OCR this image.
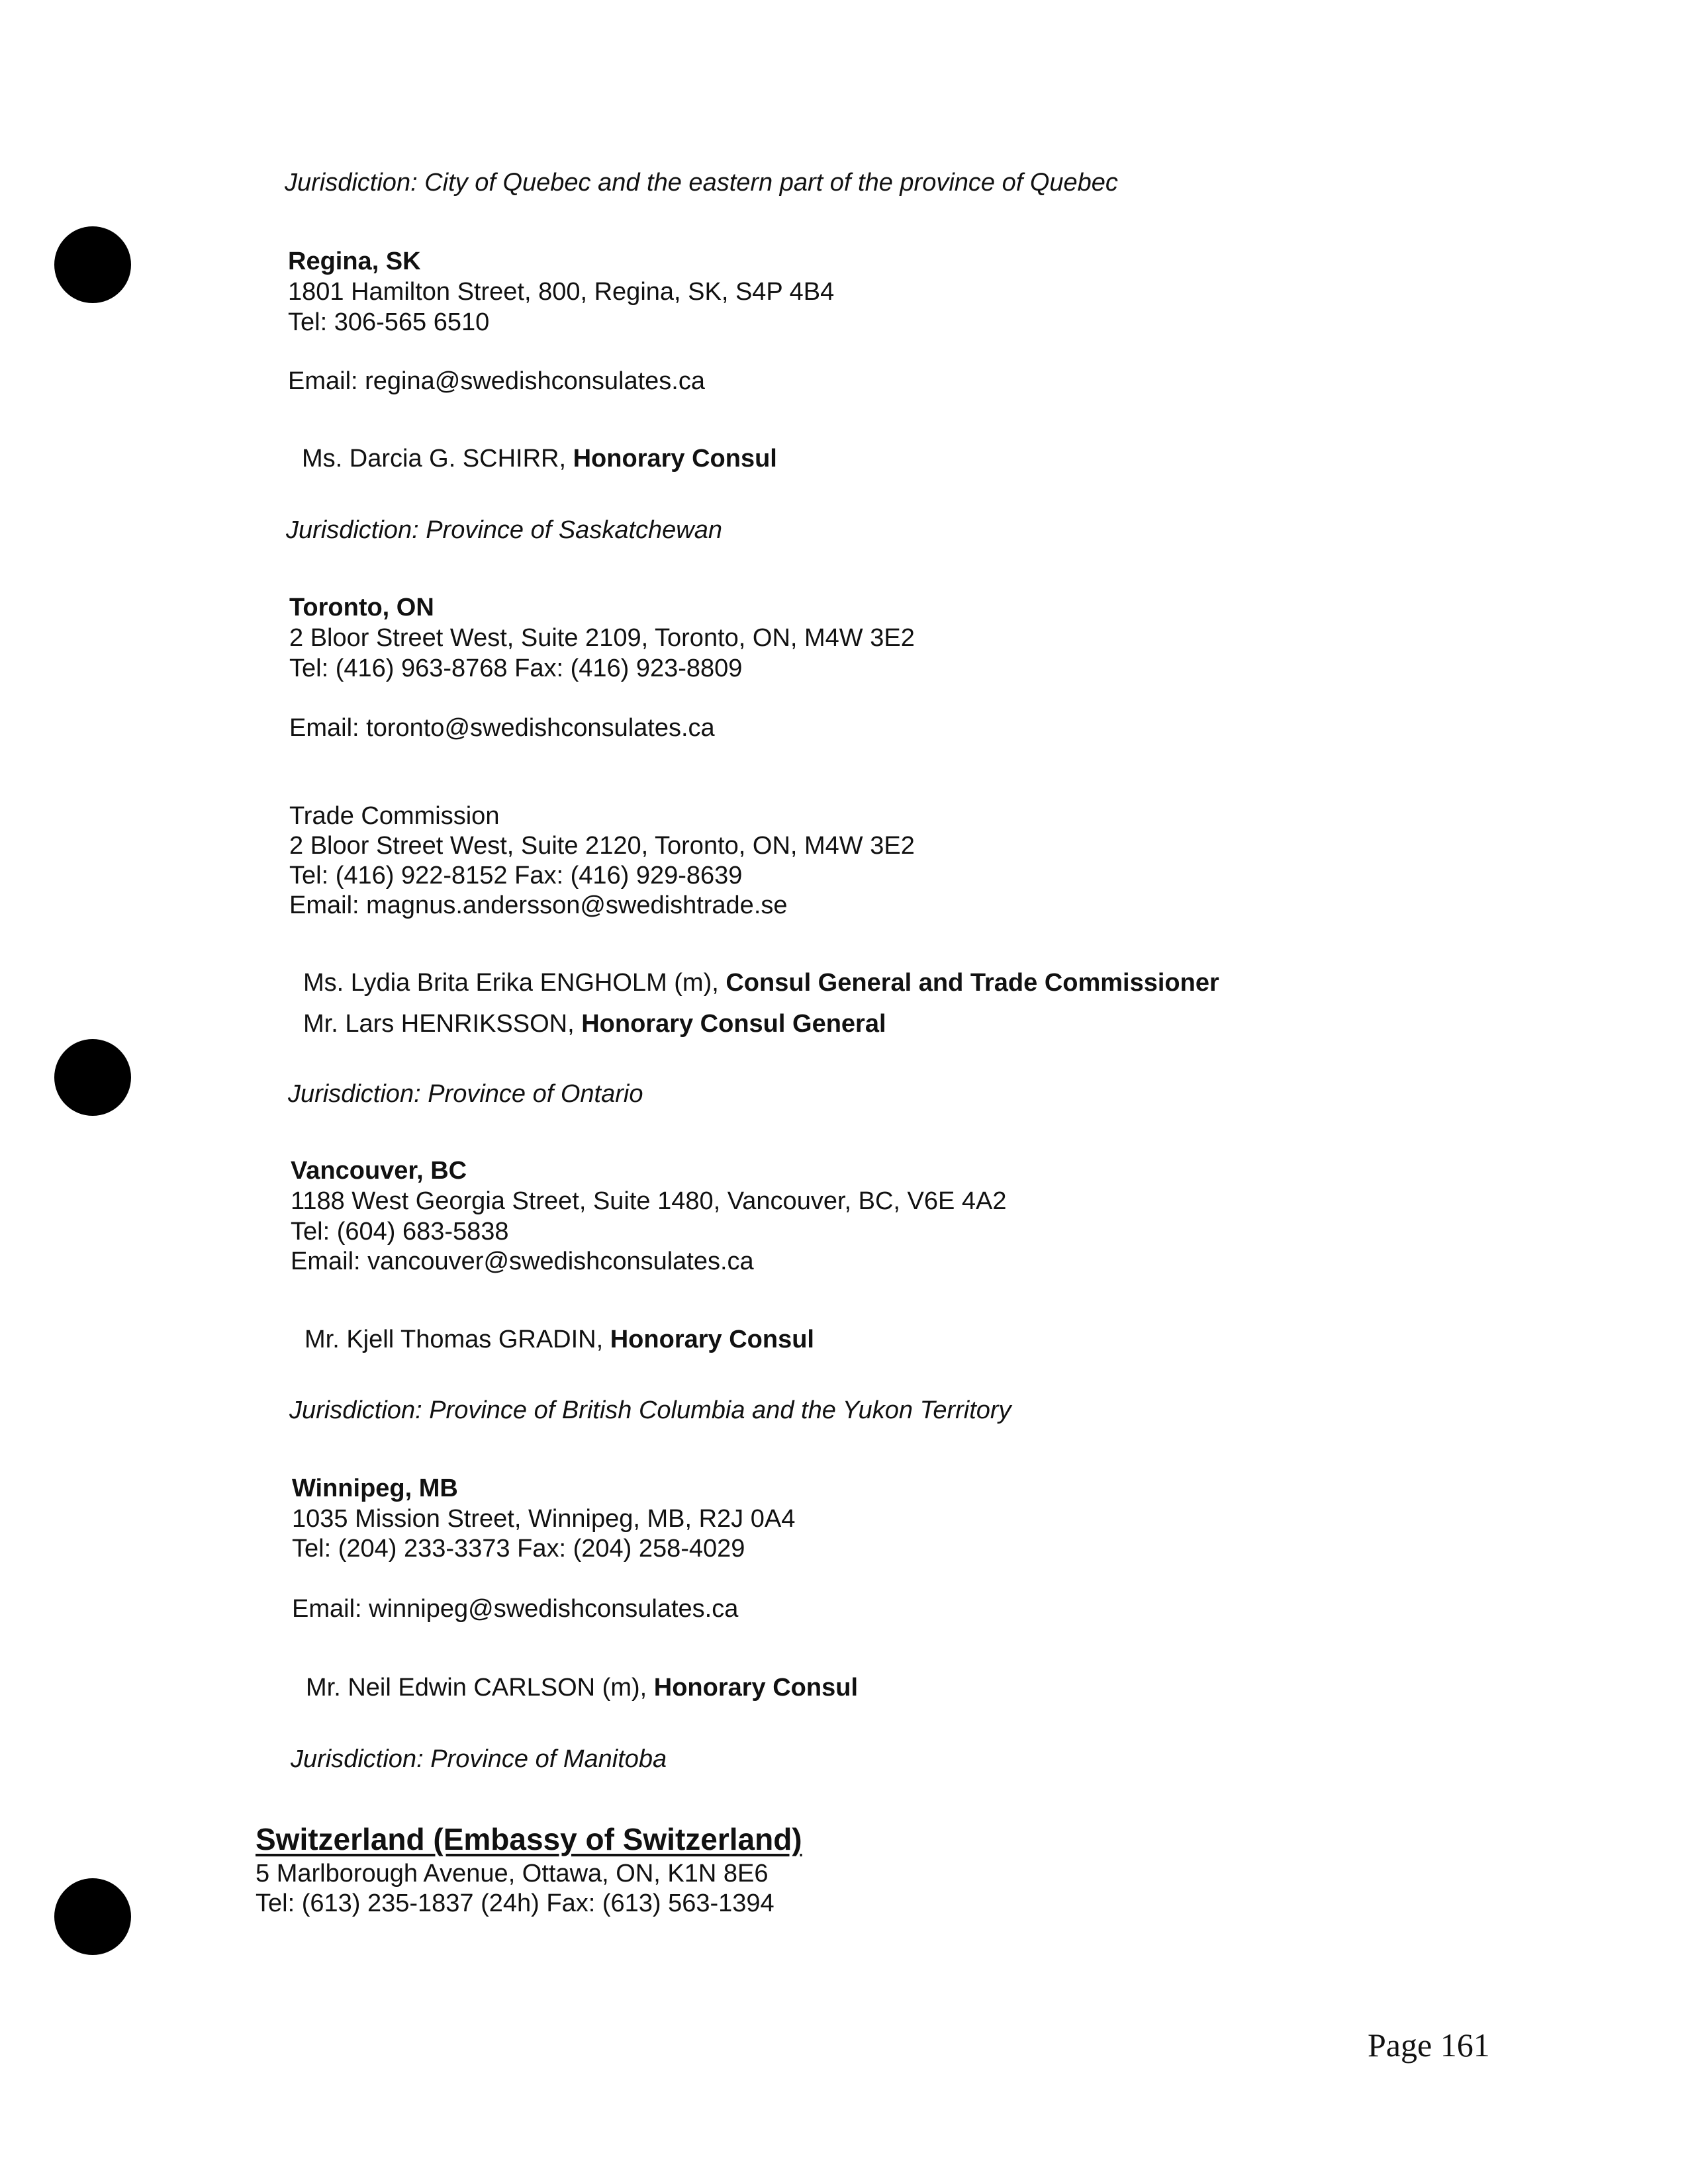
Jurisdiction: City of Quebec and the eastern part of the province of Quebec
Regina, SK
1801 Hamilton Street, 800, Regina, SK, S4P 4B4
Tel: 306-565 6510
Email: regina@swedishconsulates.ca
Ms. Darcia G. SCHIRR, Honorary Consul
Jurisdiction: Province of Saskatchewan
Toronto, ON
2 Bloor Street West, Suite 2109, Toronto, ON, M4W 3E2
Tel: (416) 963-8768 Fax: (416) 923-8809
Email: toronto@swedishconsulates.ca
Trade Commission
2 Bloor Street West, Suite 2120, Toronto, ON, M4W 3E2
Tel: (416) 922-8152 Fax: (416) 929-8639
Email: magnus.andersson@swedishtrade.se
Ms. Lydia Brita Erika ENGHOLM (m), Consul General and Trade Commissioner
Mr. Lars HENRIKSSON, Honorary Consul General
Jurisdiction: Province of Ontario
Vancouver, BC
1188 West Georgia Street, Suite 1480, Vancouver, BC, V6E 4A2
Tel: (604) 683-5838
Email: vancouver@swedishconsulates.ca
Mr. Kjell Thomas GRADIN, Honorary Consul
Jurisdiction: Province of British Columbia and the Yukon Territory
Winnipeg, MB
1035 Mission Street, Winnipeg, MB, R2J 0A4
Tel: (204) 233-3373 Fax: (204) 258-4029
Email: winnipeg@swedishconsulates.ca
Mr. Neil Edwin CARLSON (m), Honorary Consul
Jurisdiction: Province of Manitoba
Switzerland (Embassy of Switzerland)
5 Marlborough Avenue, Ottawa, ON, K1N 8E6
Tel: (613) 235-1837 (24h) Fax: (613) 563-1394
Page 161
